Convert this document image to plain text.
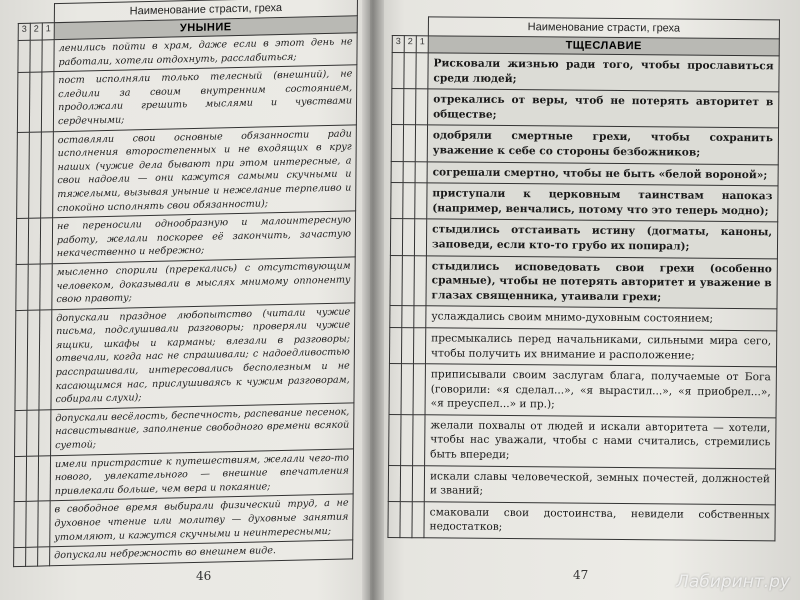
			Наименование страсти, греха
3	2	1	УНЫНИЕ
			ленились пойти в храм, даже если в этот день не работали, хотели отдохнуть, расслабиться;
			пост исполняли только телесный (внешний), не следили за своим внутренним состоянием, продолжали грешить мыслями и чувствами сердечными;
			оставляли свои основные обязанности ради исполнения второстепенных и не входящих в круг наших (чужие дела бывают при этом интересные, а свои надоели — они кажутся самыми скучными и тяжелыми, вызывая уныние и нежелание терпеливо и спокойно исполнять свои обязанности);
			не переносили однообразную и малоинтересную работу, желали поскорее её закончить, зачастую некачественно и небрежно;
			мысленно спорили (пререкались) с отсутствующим человеком, доказывали в мыслях мнимому оппоненту свою правоту;
			допускали праздное любопытство (читали чужие письма, подслушивали разговоры; проверяли чужие ящики, шкафы и карманы; влезали в разговоры; отвечали, когда нас не спрашивали; с надоедливостью расспрашивали, интересовались бесполезным и не касающимся нас, прислушиваясь к чужим разговорам, собирали слухи);
			допускали весёлость, беспечность, распевание песенок, насвистывание, заполнение свободного времени всякой суетой;
			имели пристрастие к путешествиям, желали чего-то нового, увлекательного — внешние впечатления привлекали больше, чем вера и покаяние;
			в свободное время выбирали физический труд, а не духовное чтение или молитву — духовные занятия утомляют, и кажутся скучными и неинтересными;
			допускали небрежность во внешнем виде.
46
			Наименование страсти, греха
3	2	1	ТЩЕСЛАВИЕ
			Рисковали жизнью ради того, чтобы прославиться среди людей;
			отрекались от веры, чтоб не потерять авторитет в обществе;
			одобряли смертные грехи, чтобы сохранить уважение к себе со стороны безбожников;
			согрешали смертно, чтобы не быть «белой вороной»;
			приступали к церковным таинствам напоказ (например, венчались, потому что это теперь модно);
			стыдились отстаивать истину (догматы, каноны, заповеди, если кто-то грубо их попирал);
			стыдились исповедовать свои грехи (особенно срамные), чтобы не потерять авторитет и уважение в глазах священника, утаивали грехи;
			услаждались своим мнимо-духовным состоянием;
			пресмыкались перед начальниками, сильными мира сего, чтобы получить их внимание и расположение;
			приписывали своим заслугам блага, получаемые от Бога (говорили: «я сделал...», «я вырастил...», «я приобрел...», «я преуспел...» и пр.);
			желали похвалы от людей и искали авторитета — хотели, чтобы нас уважали, чтобы с нами считались, стремились быть впереди;
			искали славы человеческой, земных почестей, должностей и званий;
			смаковали свои достоинства, невидели собственных недостатков;
47	Лабиринт.ру
